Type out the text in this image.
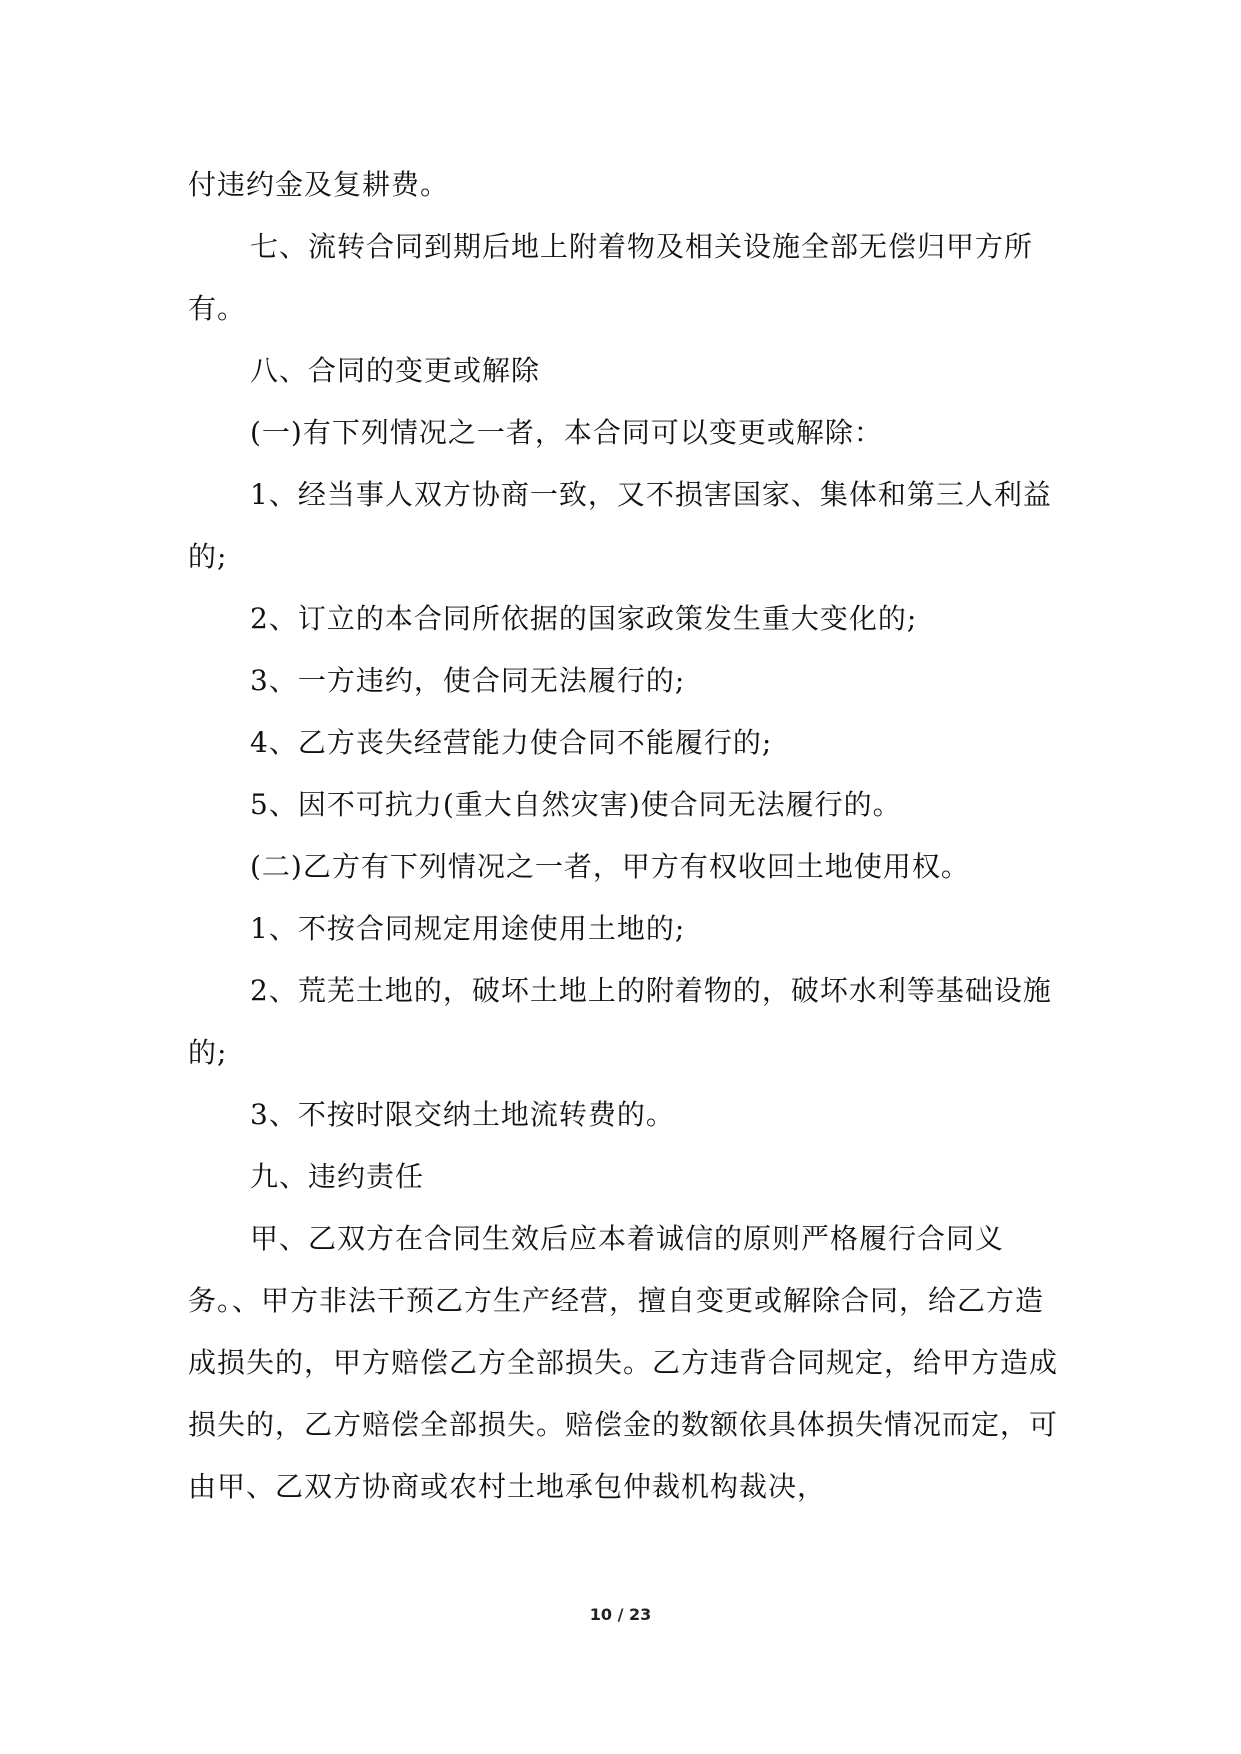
付违约金及复耕费。

七、流转合同到期后地上附着物及相关设施全部无偿归甲方所有。

八、合同的变更或解除

(一)有下列情况之一者，本合同可以变更或解除：

1、经当事人双方协商一致，又不损害国家、集体和第三人利益的;

2、订立的本合同所依据的国家政策发生重大变化的;

3、一方违约，使合同无法履行的;

4、乙方丧失经营能力使合同不能履行的;

5、因不可抗力(重大自然灾害)使合同无法履行的。

(二)乙方有下列情况之一者，甲方有权收回土地使用权。

1、不按合同规定用途使用土地的;

2、荒芜土地的，破坏土地上的附着物的，破坏水利等基础设施的;

3、不按时限交纳土地流转费的。

九、违约责任

甲、乙双方在合同生效后应本着诚信的原则严格履行合同义务。、甲方非法干预乙方生产经营，擅自变更或解除合同，给乙方造成损失的，甲方赔偿乙方全部损失。乙方违背合同规定，给甲方造成损失的，乙方赔偿全部损失。赔偿金的数额依具体损失情况而定，可由甲、乙双方协商或农村土地承包仲裁机构裁决，

10 / 23
